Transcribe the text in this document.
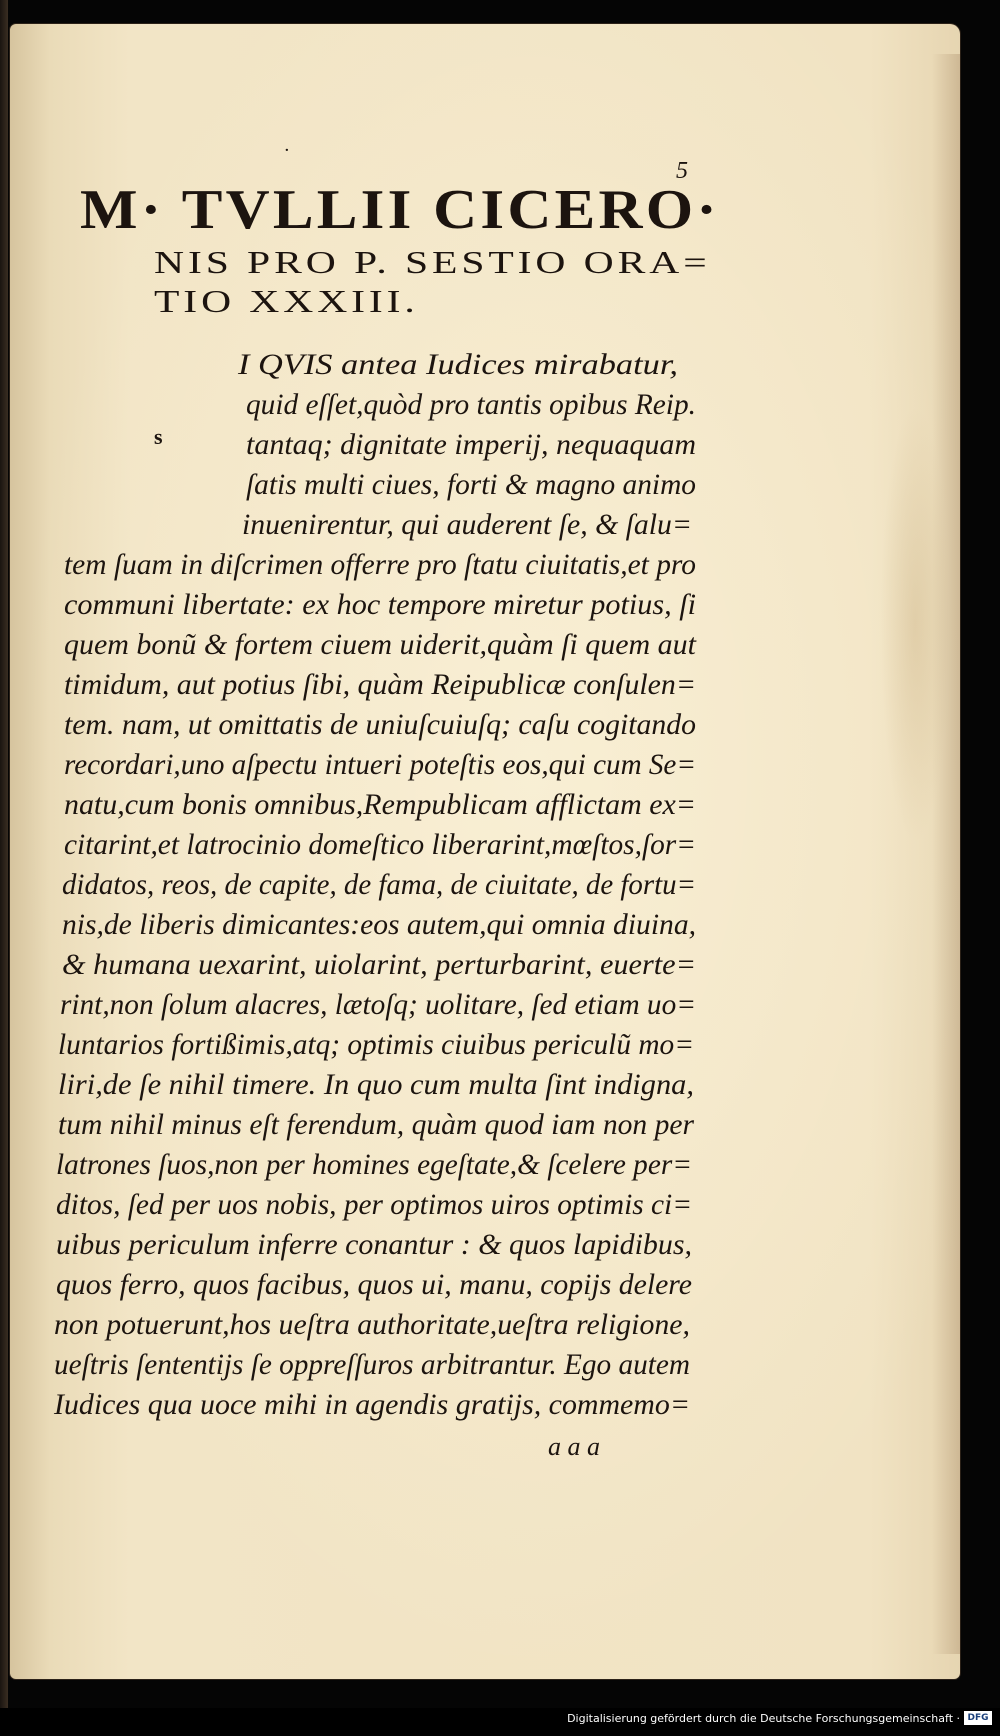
·
5
M· TVLLII CICERO·
NIS PRO P. SESTIO ORA=
TIO XXXIII.
s
I QVIS antea Iudices mirabatur,
quid eſſet,quòd pro tantis opibus Reip.
tantaq; dignitate imperij, nequaquam
ſatis multi ciues, forti & magno animo
inuenirentur, qui auderent ſe, & ſalu=
tem ſuam in diſcrimen offerre pro ſtatu ciuitatis,et pro
communi libertate: ex hoc tempore miretur potius, ſi
quem bonũ & fortem ciuem uiderit,quàm ſi quem aut
timidum, aut potius ſibi, quàm Reipublicæ conſulen=
tem. nam, ut omittatis de uniuſcuiuſq; caſu cogitando
recordari,uno aſpectu intueri poteſtis eos,qui cum Se=
natu,cum bonis omnibus,Rempublicam afflictam ex=
citarint,et latrocinio domeſtico liberarint,mœſtos,ſor=
didatos, reos, de capite, de fama, de ciuitate, de fortu=
nis,de liberis dimicantes:eos autem,qui omnia diuina,
& humana uexarint, uiolarint, perturbarint, euerte=
rint,non ſolum alacres, lætoſq; uolitare, ſed etiam uo=
luntarios fortißimis,atq; optimis ciuibus periculũ mo=
liri,de ſe nihil timere. In quo cum multa ſint indigna,
tum nihil minus eſt ferendum, quàm quod iam non per
latrones ſuos,non per homines egeſtate,& ſcelere per=
ditos, ſed per uos nobis, per optimos uiros optimis ci=
uibus periculum inferre conantur : & quos lapidibus,
quos ferro, quos facibus, quos ui, manu, copijs delere
non potuerunt,hos ueſtra authoritate,ueſtra religione,
ueſtris ſententijs ſe oppreſſuros arbitrantur. Ego autem
Iudices qua uoce mihi in agendis gratijs, commemo=
a a a
Digitalisierung gefördert durch die Deutsche Forschungsgemeinschaft · DFG
